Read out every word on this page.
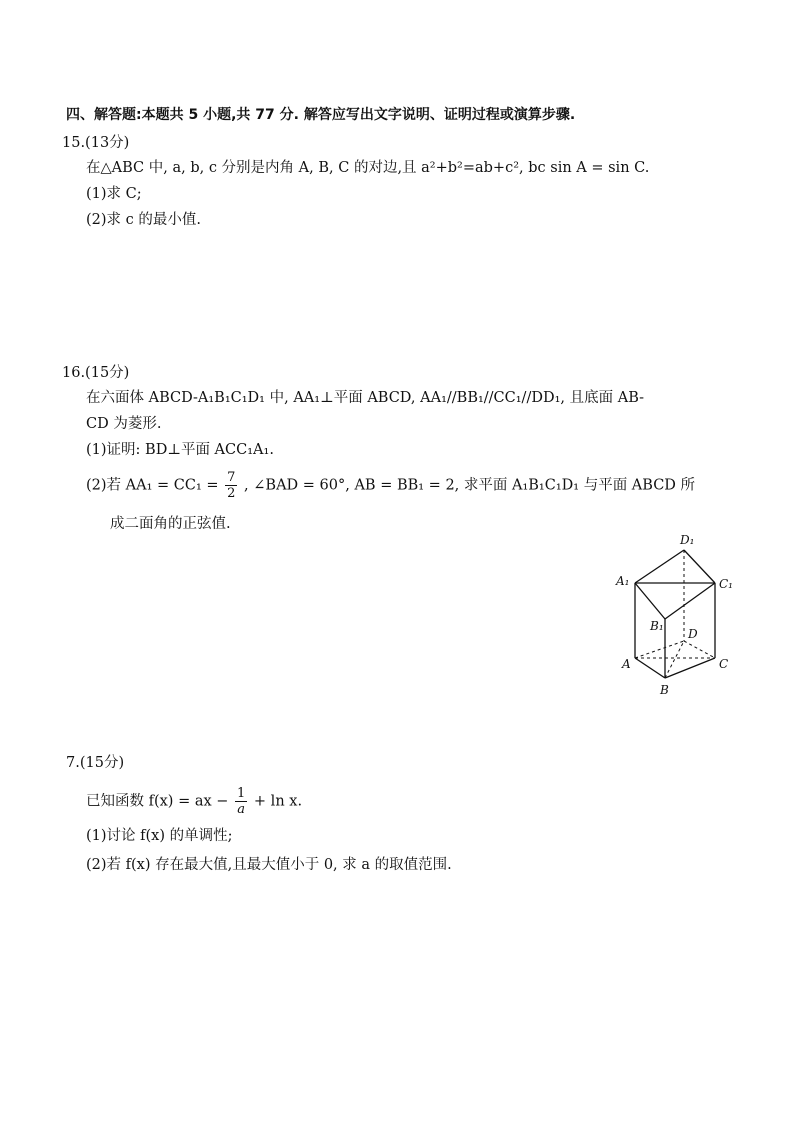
四、解答题:本题共 5 小题,共 77 分. 解答应写出文字说明、证明过程或演算步骤.
15.(13分)
在△ABC 中, a, b, c 分别是内角 A, B, C 的对边,且 a²+b²=ab+c², bc sin A = sin C.
(1)求 C;
(2)求 c 的最小值.
16.(15分)
在六面体 ABCD-A₁B₁C₁D₁ 中, AA₁⊥平面 ABCD, AA₁//BB₁//CC₁//DD₁, 且底面 AB-
CD 为菱形.
(1)证明: BD⊥平面 ACC₁A₁.
(2)若 $AA_1 = CC_1 = \frac{7}{2}$ , ∠BAD = 60°, AB = BB₁ = 2, 求平面 A₁B₁C₁D₁ 与平面 ABCD 所
成二面角的正弦值.
D₁
A₁	C₁
B₁
D
A	C
B
7.(15分)
已知函数 f(x) = ax − $\frac{1}{a} + \ln x$.
(1)讨论 f(x) 的单调性;
(2)若 f(x) 存在最大值,且最大值小于 0, 求 a 的取值范围.
